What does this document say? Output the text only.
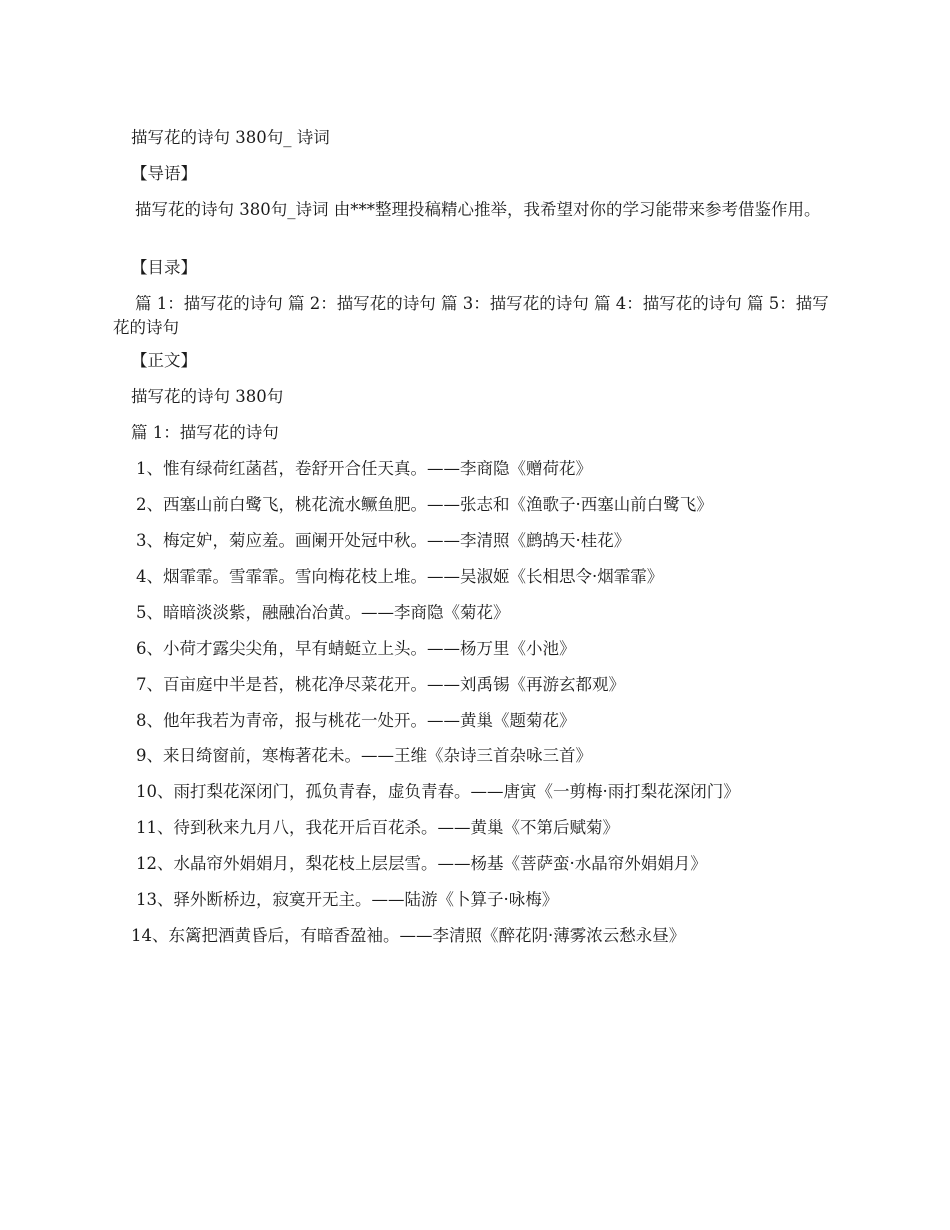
描写花的诗句 380句_ 诗词
【导语】
描写花的诗句 380句_诗词 由***整理投稿精心推举，我希望对你的学习能带来参考借鉴作用。
【目录】
篇 1：描写花的诗句 篇 2：描写花的诗句 篇 3：描写花的诗句 篇 4：描写花的诗句 篇 5：描写花的诗句
【正文】
描写花的诗句 380句
篇 1：描写花的诗句
1、惟有绿荷红菡萏，卷舒开合任天真。——李商隐《赠荷花》
2、西塞山前白鹭飞，桃花流水鳜鱼肥。——张志和《渔歌子·西塞山前白鹭飞》
3、梅定妒，菊应羞。画阑开处冠中秋。——李清照《鹧鸪天·桂花》
4、烟霏霏。雪霏霏。雪向梅花枝上堆。——吴淑姬《长相思令·烟霏霏》
5、暗暗淡淡紫，融融冶冶黄。——李商隐《菊花》
6、小荷才露尖尖角，早有蜻蜓立上头。——杨万里《小池》
7、百亩庭中半是苔，桃花净尽菜花开。——刘禹锡《再游玄都观》
8、他年我若为青帝，报与桃花一处开。——黄巢《题菊花》
9、来日绮窗前，寒梅著花未。——王维《杂诗三首杂咏三首》
10、雨打梨花深闭门，孤负青春，虚负青春。——唐寅《一剪梅·雨打梨花深闭门》
11、待到秋来九月八，我花开后百花杀。——黄巢《不第后赋菊》
12、水晶帘外娟娟月，梨花枝上层层雪。——杨基《菩萨蛮·水晶帘外娟娟月》
13、驿外断桥边，寂寞开无主。——陆游《卜算子·咏梅》
14、东篱把酒黄昏后，有暗香盈袖。——李清照《醉花阴·薄雾浓云愁永昼》
